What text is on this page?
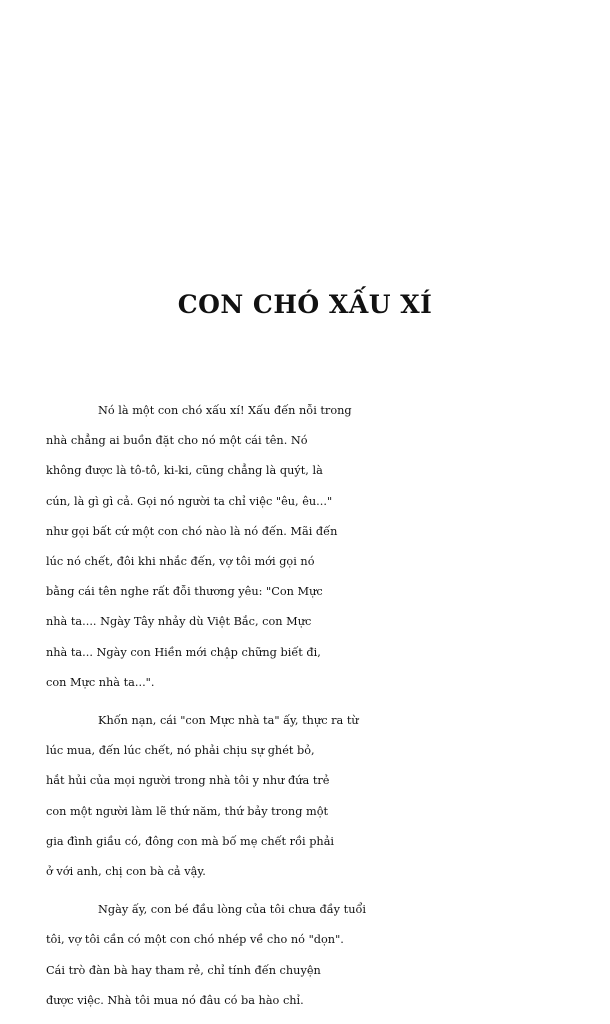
CON CHÓ XẤU XÍ
Nó là một con chó xấu xí! Xấu đến nỗi trong
nhà chẳng ai buồn đặt cho nó một cái tên. Nó
không được là tô-tô, ki-ki, cũng chẳng là quýt, là
cún, là gì gì cả. Gọi nó người ta chỉ việc "êu, êu..."
như gọi bất cứ một con chó nào là nó đến. Mãi đến
lúc nó chết, đôi khi nhắc đến, vợ tôi mới gọi nó
bằng cái tên nghe rất đỗi thương yêu: "Con Mực
nhà ta.... Ngày Tây nhảy dù Việt Bắc, con Mực
nhà ta... Ngày con Hiền mới chập chững biết đi,
con Mực nhà ta...".
Khốn nạn, cái "con Mực nhà ta" ấy, thực ra từ
lúc mua, đến lúc chết, nó phải chịu sự ghét bỏ,
hắt hủi của mọi người trong nhà tôi y như đứa trẻ
con một người làm lẽ thứ năm, thứ bảy trong một
gia đình giầu có, đông con mà bố mẹ chết rồi phải
ở với anh, chị con bà cả vậy.
Ngày ấy, con bé đầu lòng của tôi chưa đầy tuổi
tôi, vợ tôi cần có một con chó nhép về cho nó "dọn".
Cái trò đàn bà hay tham rẻ, chỉ tính đến chuyện
được việc. Nhà tôi mua nó đâu có ba hào chỉ.
